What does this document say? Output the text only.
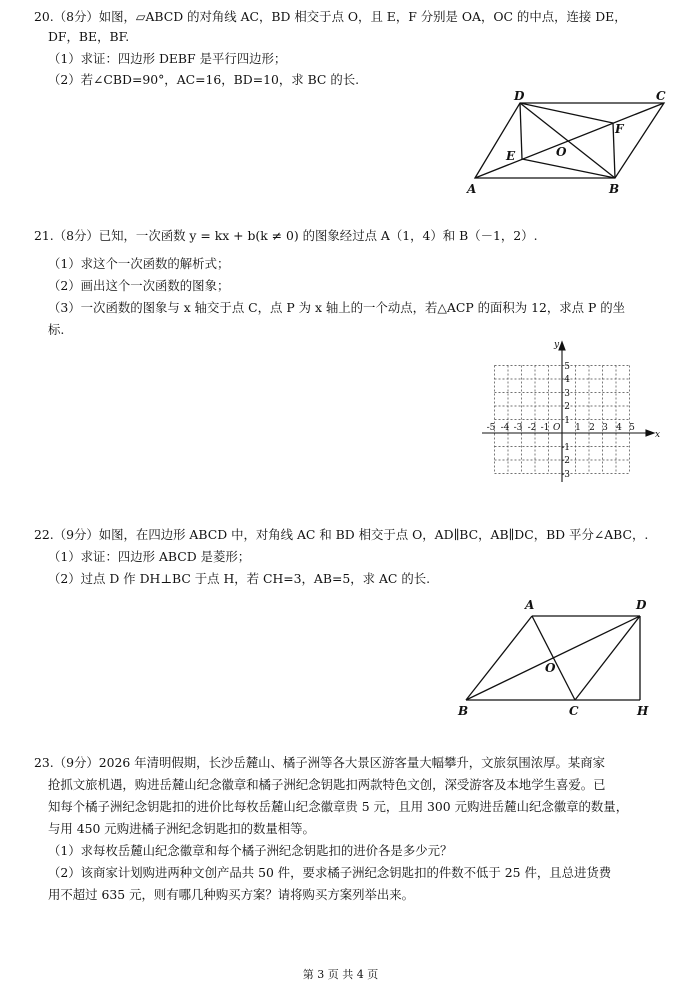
20.（8分）如图，▱ABCD 的对角线 AC，BD 相交于点 O，且 E，F 分别是 OA，OC 的中点，连接 DE，
DF，BE，BF.
（1）求证：四边形 DEBF 是平行四边形；
（2）若∠CBD=90°，AC=16，BD=10，求 BC 的长.
A	B
C
D
E
F
O
21.（8分）已知，一次函数 y = kx + b(k ≠ 0) 的图象经过点 A（1，4）和 B（－1，2）.
（1）求这个一次函数的解析式；
（2）画出这个一次函数的图象；
（3）一次函数的图象与 x 轴交于点 C，点 P 为 x 轴上的一个动点，若△ACP 的面积为 12，求点 P 的坐
标.
x
y
O
-5 -4 -3 -2 -1	1 2 3 4 5
5
4
3
2
1
-1
-2
-3
22.（9分）如图，在四边形 ABCD 中，对角线 AC 和 BD 相交于点 O，AD∥BC，AB∥DC，BD 平分∠ABC，.
（1）求证：四边形 ABCD 是菱形；
（2）过点 D 作 DH⊥BC 于点 H，若 CH=3，AB=5，求 AC 的长.
A	D
B	C	H
O
23.（9分）2026 年清明假期，长沙岳麓山、橘子洲等各大景区游客量大幅攀升，文旅氛围浓厚。某商家
抢抓文旅机遇，购进岳麓山纪念徽章和橘子洲纪念钥匙扣两款特色文创，深受游客及本地学生喜爱。已
知每个橘子洲纪念钥匙扣的进价比每枚岳麓山纪念徽章贵 5 元，且用 300 元购进岳麓山纪念徽章的数量，
与用 450 元购进橘子洲纪念钥匙扣的数量相等。
（1）求每枚岳麓山纪念徽章和每个橘子洲纪念钥匙扣的进价各是多少元？
（2）该商家计划购进两种文创产品共 50 件，要求橘子洲纪念钥匙扣的件数不低于 25 件，且总进货费
用不超过 635 元，则有哪几种购买方案？请将购买方案列举出来。
第 3 页 共 4 页
